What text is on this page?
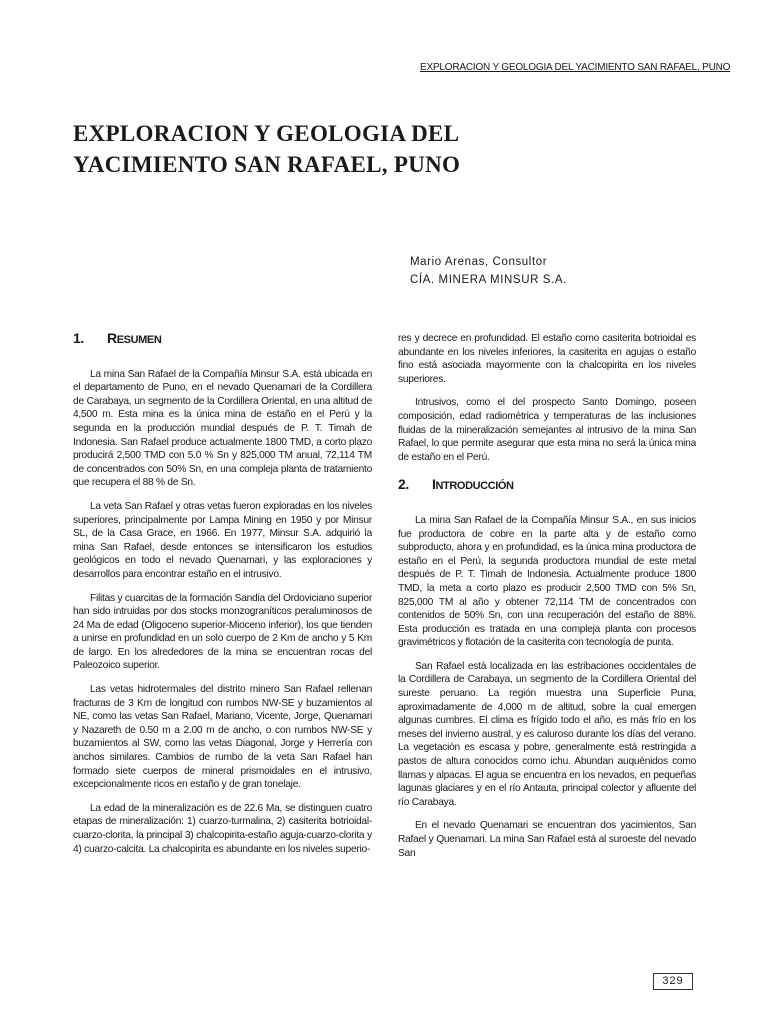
EXPLORACION Y GEOLOGIA DEL YACIMIENTO SAN RAFAEL, PUNO
EXPLORACION Y GEOLOGIA DEL
YACIMIENTO SAN RAFAEL, PUNO
Mario Arenas, Consultor
CÍA. MINERA MINSUR S.A.
1.	RESUMEN

La mina San Rafael de la Compañía Minsur S.A. está ubicada en el departamento de Puno, en el nevado Quenamari de la Cordillera de Carabaya, un segmento de la Cordillera Oriental, en una altitud de 4,500 m. Esta mina es la única mina de estaño en el Perú y la segunda en la producción mundial después de P. T. Timah de Indonesia. San Rafael produce actualmente 1800 TMD, a corto plazo producirá 2,500 TMD con 5.0 % Sn y 825,000 TM anual, 72,114 TM de concentrados con 50% Sn, en una compleja planta de tratamiento que recupera el 88 % de Sn.

La veta San Rafael y otras vetas fueron exploradas en los niveles superiores, principalmente por Lampa Mining en 1950 y por Minsur SL, de la Casa Grace, en 1966. En 1977, Minsur S.A. adquirió la mina San Rafael, desde entonces se intensificaron los estudios geológicos en todo el nevado Quenamari, y las exploraciones y desarrollos para encontrar estaño en el intrusivo.

Filitas y cuarcitas de la formación Sandia del Ordoviciano superior han sido intruidas por dos stocks monzograníticos peraluminosos de 24 Ma de edad (Oligoceno superior-Mioceno inferior), los que tienden a unirse en profundidad en un solo cuerpo de 2 Km de ancho y 5 Km de largo. En los alrededores de la mina se encuentran rocas del Paleozoico superior.

Las vetas hidrotermales del distrito minero San Rafael rellenan fracturas de 3 Km de longitud con rumbos NW-SE y buzamientos al NE, como las vetas San Rafael, Mariano, Vicente, Jorge, Quenamari y Nazareth de 0.50 m a 2.00 m de ancho, o con rumbos NW-SE y buzamientos al SW, como las vetas Diagonal, Jorge y Herrería con anchos similares. Cambios de rumbo de la veta San Rafael han formado siete cuerpos de mineral prismoidales en el intrusivo, excepcionalmente ricos en estaño y de gran tonelaje.

La edad de la mineralización es de 22.6 Ma, se distinguen cuatro etapas de mineralización: 1) cuarzo-turmalina, 2) casiterita botrioidal-cuarzo-clorita, la principal 3) chalcopirita-estaño aguja-cuarzo-clorita y 4) cuarzo-calcita. La chalcopirita es abundante en los niveles superio-

res y decrece en profundidad. El estaño como casiterita botrioidal es abundante en los niveles inferiores, la casiterita en agujas o estaño fino está asociada mayormente con la chalcopirita en los niveles superiores.

Intrusivos, como el del prospecto Santo Domingo, poseen composición, edad radiométrica y temperaturas de las inclusiones fluidas de la mineralización semejantes al intrusivo de la mina San Rafael, lo que permite asegurar que esta mina no será la única mina de estaño en el Perú.

2.	INTRODUCCIÓN

La mina San Rafael de la Compañía Minsur S.A., en sus inicios fue productora de cobre en la parte alta y de estaño como subproducto, ahora y en profundidad, es la única mina productora de estaño en el Perú, la segunda productora mundial de este metal después de P. T. Timah de Indonesia. Actualmente produce 1800 TMD, la meta a corto plazo es producir 2,500 TMD con 5% Sn, 825,000 TM al año y obtener 72,114 TM de concentrados con contenidos de 50% Sn, con una recuperación del estaño de 88%. Esta producción es tratada en una compleja planta con procesos gravimétricos y flotación de la casiterita con tecnología de punta.

San Rafael está localizada en las estribaciones occidentales de la Cordillera de Carabaya, un segmento de la Cordillera Oriental del sureste peruano. La región muestra una Superficie Puna, aproximadamente de 4,000 m de altitud, sobre la cual emergen algunas cumbres. El clima es frígido todo el año, es más frío en los meses del invierno austral, y es caluroso durante los días del verano. La vegetación es escasa y pobre, generalmente está restringida a pastos de altura conocidos como ichu. Abundan auquénidos como llamas y alpacas. El agua se encuentra en los nevados, en pequeñas lagunas glaciares y en el río Antauta, principal colector y afluente del río Carabaya.

En el nevado Quenamari se encuentran dos yacimientos, San Rafael y Quenamari. La mina San Rafael está al suroeste del nevado San

329
